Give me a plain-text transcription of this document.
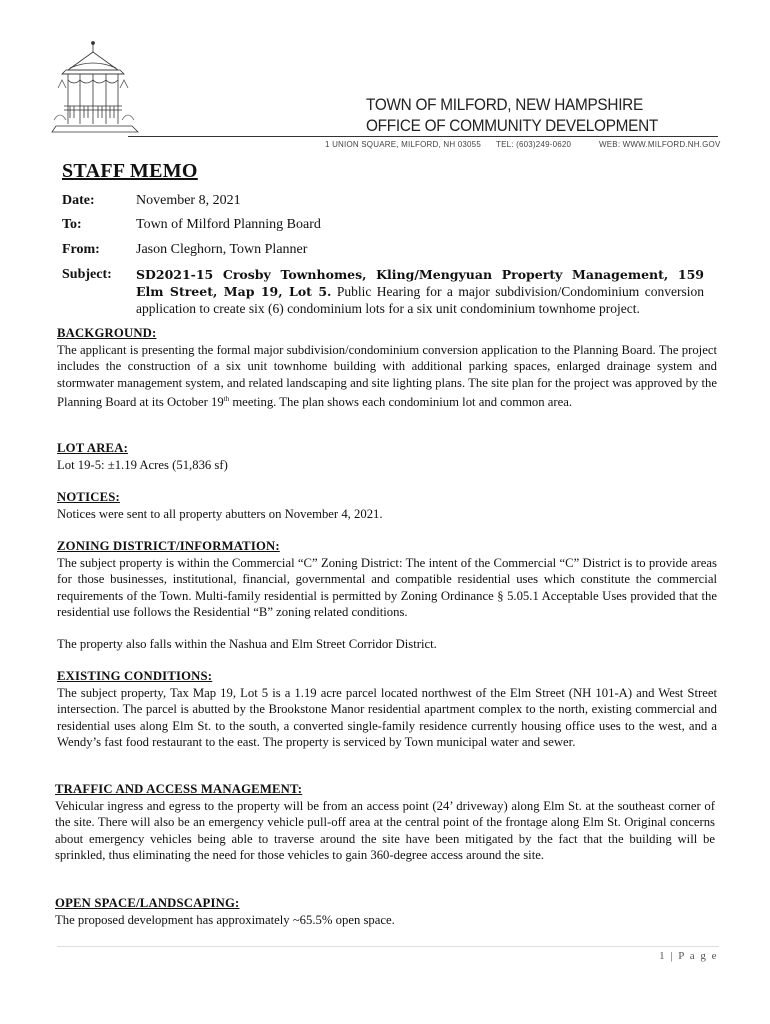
TOWN OF MILFORD, NEW HAMPSHIRE
OFFICE OF COMMUNITY DEVELOPMENT
1 UNION SQUARE, MILFORD, NH 03055 TEL: (603)249-0620	WEB: WWW.MILFORD.NH.GOV
STAFF MEMO
Date:	November 8, 2021
To:	Town of Milford Planning Board
From:	Jason Cleghorn, Town Planner
Subject: SD2021-15 Crosby Townhomes, Kling/Mengyuan Property Management, 159 Elm Street, Map 19, Lot 5. Public Hearing for a major subdivision/Condominium conversion application to create six (6) condominium lots for a six unit condominium townhome project.
BACKGROUND:

The applicant is presenting the formal major subdivision/condominium conversion application to the Planning Board. The project includes the construction of a six unit townhome building with additional parking spaces, enlarged drainage system and stormwater management system, and related landscaping and site lighting plans. The site plan for the project was approved by the Planning Board at its October 19th meeting. The plan shows each condominium lot and common area.

LOT AREA:

Lot 19-5: ±1.19 Acres (51,836 sf)

NOTICES:

Notices were sent to all property abutters on November 4, 2021.

ZONING DISTRICT/INFORMATION:

The subject property is within the Commercial “C” Zoning District: The intent of the Commercial “C” District is to provide areas for those businesses, institutional, financial, governmental and compatible residential uses which constitute the commercial requirements of the Town. Multi-family residential is permitted by Zoning Ordinance § 5.05.1 Acceptable Uses provided that the residential use follows the Residential “B” zoning related conditions.

The property also falls within the Nashua and Elm Street Corridor District.

EXISTING CONDITIONS:

The subject property, Tax Map 19, Lot 5 is a 1.19 acre parcel located northwest of the Elm Street (NH 101-A) and West Street intersection. The parcel is abutted by the Brookstone Manor residential apartment complex to the north, existing commercial and residential uses along Elm St. to the south, a converted single-family residence currently housing office uses to the west, and a Wendy’s fast food restaurant to the east. The property is serviced by Town municipal water and sewer.

TRAFFIC AND ACCESS MANAGEMENT:

Vehicular ingress and egress to the property will be from an access point (24’ driveway) along Elm St. at the southeast corner of the site. There will also be an emergency vehicle pull-off area at the central point of the frontage along Elm St. Original concerns about emergency vehicles being able to traverse around the site have been mitigated by the fact that the building will be sprinkled, thus eliminating the need for those vehicles to gain 360-degree access around the site.

OPEN SPACE/LANDSCAPING:

The proposed development has approximately ~65.5% open space.

1 | P a g e
